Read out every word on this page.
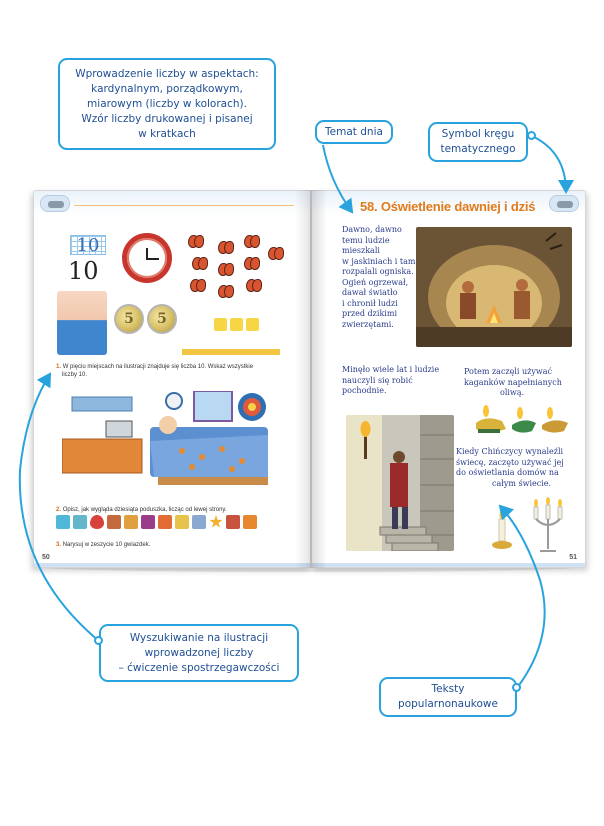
Wprowadzenie liczby w aspektach:
kardynalnym, porządkowym,
miarowym (liczby w kolorach).
Wzór liczby drukowanej i pisanej
w kratkach	Temat dnia	Symbol kręgu
tematycznego
Wyszukiwanie na ilustracji
wprowadzonej liczby
– ćwiczenie spostrzegawczości
Teksty
popularnonaukowe
10
10
5	5
1. W pięciu miejscach na ilustracji znajduje się liczba 10. Wskaż wszystkie
liczby 10.
2. Opisz, jak wygląda dziesiąta poduszka, licząc od lewej strony.
3. Narysuj w zeszycie 10 gwiazdek.
50
58. Oświetlenie dawniej i dziś
Dawno, dawno
temu ludzie
mieszkali
w jaskiniach i tam
rozpalali ogniska.
Ogień ogrzewał,
dawał światło
i chronił ludzi
przed dzikimi
zwierzętami.
Minęło wiele lat i ludzie
nauczyli się robić
pochodnie.
Potem zaczęli używać
kaganków napełnianych
oliwą.
Kiedy Chińczycy wynaleźli
świecę, zaczęto używać jej
do oświetlania domów na
całym świecie.
51
